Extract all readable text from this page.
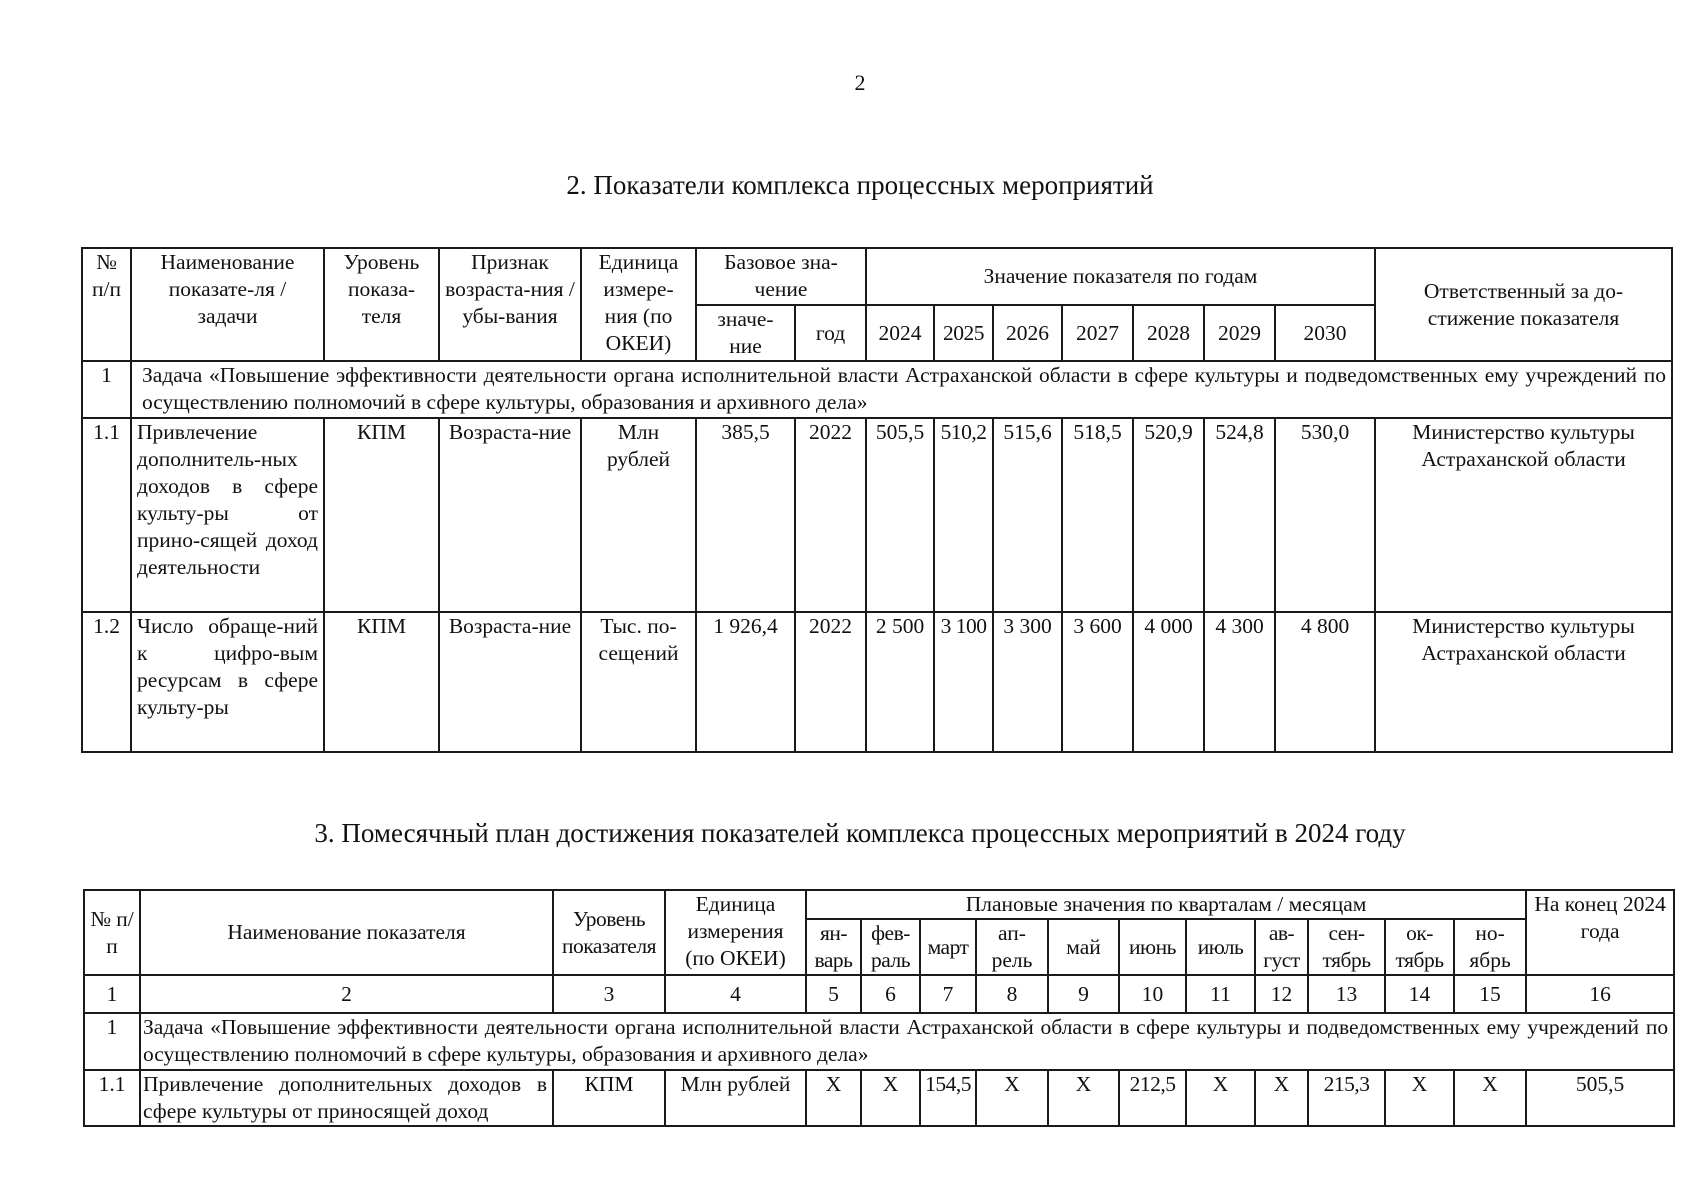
2
2. Показатели комплекса процессных мероприятий
№ п/п	Наименование показате-ля / задачи	Уровень показа-теля	Признак возраста-ния / убы-вания	Единица измере-ния (по ОКЕИ)	Базовое зна-чение		Значение показателя по годам							Ответственный за до-стижение показателя
					значе-ние	год	2024	2025	2026	2027	2028	2029	2030	
1	Задача «Повышение эффективности деятельности органа исполнительной власти Астраханской области в сфере культуры и подведомственных ему учреждений по осуществлению полномочий в сфере культуры, образования и архивного дела»													
1.1	Привлечение дополнитель-ных доходов в сфере культу-ры от прино-сящей доход деятельности	КПМ	Возраста-ние	Млн рублей	385,5	2022	505,5	510,2	515,6	518,5	520,9	524,8	530,0	Министерство культуры Астраханской области
1.2	Число обраще-ний к цифро-вым ресурсам в сфере культу-ры	КПМ	Возраста-ние	Тыс. по-сещений	1 926,4	2022	2 500	3 100	3 300	3 600	4 000	4 300	4 800	Министерство культуры Астраханской области
3. Помесячный план достижения показателей комплекса процессных мероприятий в 2024 году
№ п/п	Наименование показателя	Уровень показателя	Единица измерения (по ОКЕИ)	Плановые значения по кварталам / месяцам											На конец 2024 года
				ян-варь	фев-раль	март	ап-рель	май	июнь	июль	ав-густ	сен-тябрь	ок-тябрь	но-ябрь	
1	2	3	4	5	6	7	8	9	10	11	12	13	14	15	16
1	Задача «Повышение эффективности деятельности органа исполнительной власти Астраханской области в сфере культуры и подведомственных ему учреждений по осуществлению полномочий в сфере культуры, образования и архивного дела»														
1.1	Привлечение дополнительных доходов в сфере культуры от приносящей доход	КПМ	Млн рублей	X	X	154,5	X	X	212,5	X	X	215,3	X	X	505,5
